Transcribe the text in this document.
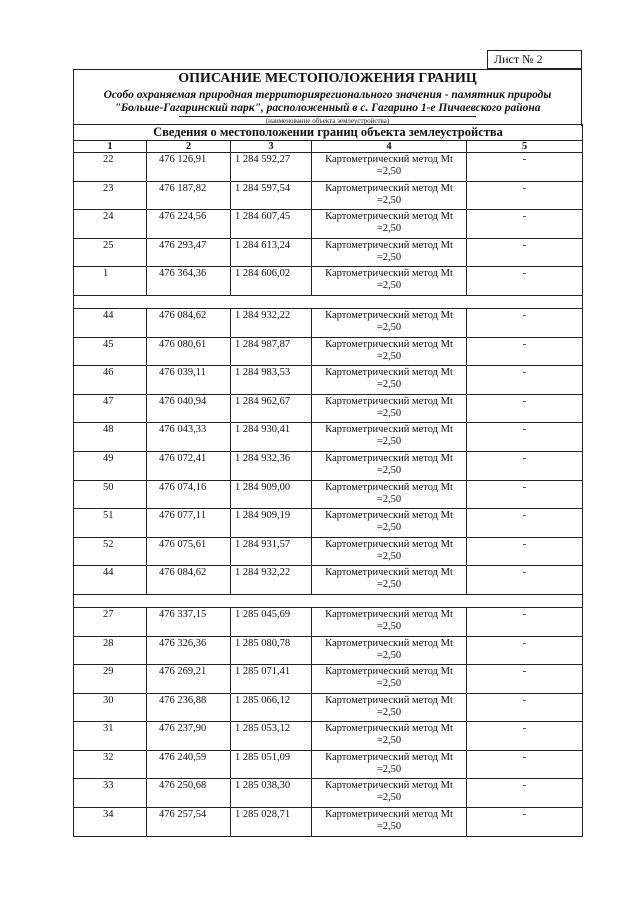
Лист № 2
ОПИСАНИЕ МЕСТОПОЛОЖЕНИЯ ГРАНИЦ
Особо охраняемая природная территориярегионального значения - памятник природы
"Больше-Гагаринский парк", расположенный в с. Гагарино 1-е Пичаевского района
(наименование объекта землеустройства)
Сведения о местоположении границ объекта землеустройства				
1	2	3	4	5
22	476 126,91	1 284 592,27	Картометрический метод Mt
=2,50	-
23	476 187,82	1 284 597,54	Картометрический метод Mt
=2,50	-
24	476 224,56	1 284 607,45	Картометрический метод Mt
=2,50	-
25	476 293,47	1 284 613,24	Картометрический метод Mt
=2,50	-
1	476 364,36	1 284 606,02	Картометрический метод Mt
=2,50	-

44	476 084,62	1 284 932,22	Картометрический метод Mt
=2,50	-
45	476 080,61	1 284 987,87	Картометрический метод Mt
=2,50	-
46	476 039,11	1 284 983,53	Картометрический метод Mt
=2,50	-
47	476 040,94	1 284 962,67	Картометрический метод Mt
=2,50	-
48	476 043,33	1 284 930,41	Картометрический метод Mt
=2,50	-
49	476 072,41	1 284 932,36	Картометрический метод Mt
=2,50	-
50	476 074,16	1 284 909,00	Картометрический метод Mt
=2,50	-
51	476 077,11	1 284 909,19	Картометрический метод Mt
=2,50	-
52	476 075,61	1 284 931,57	Картометрический метод Mt
=2,50	-
44	476 084,62	1 284 932,22	Картометрический метод Mt
=2,50	-

27	476 337,15	1 285 045,69	Картометрический метод Mt
=2,50	-
28	476 326,36	1 285 080,78	Картометрический метод Mt
=2,50	-
29	476 269,21	1 285 071,41	Картометрический метод Mt
=2,50	-
30	476 236,88	1 285 066,12	Картометрический метод Mt
=2,50	-
31	476 237,90	1 285 053,12	Картометрический метод Mt
=2,50	-
32	476 240,59	1 285 051,09	Картометрический метод Mt
=2,50	-
33	476 250,68	1 285 038,30	Картометрический метод Mt
=2,50	-
34	476 257,54	1 285 028,71	Картометрический метод Mt
=2,50	-
